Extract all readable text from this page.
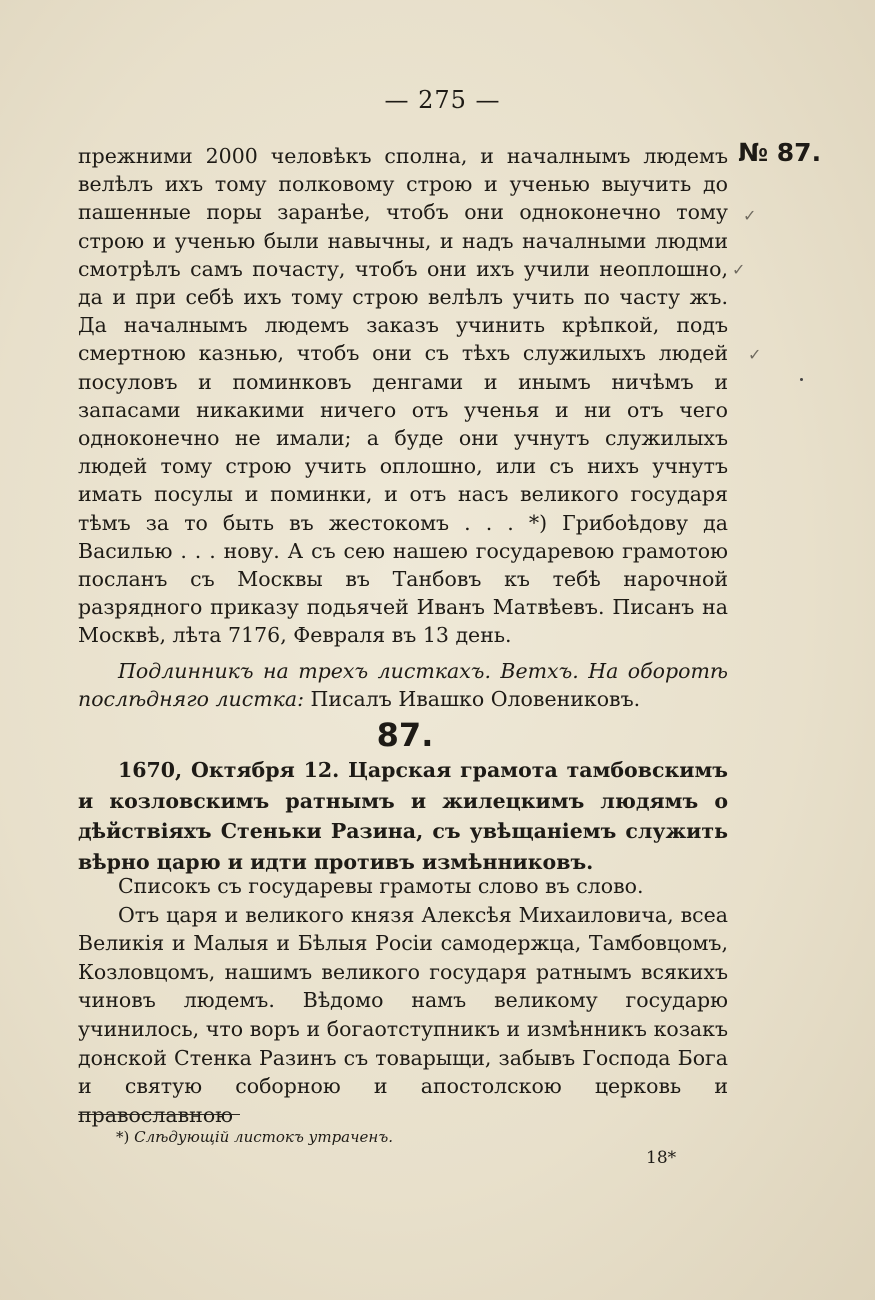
— 275 —
№ 87.
✓
✓
✓

прежними 2000 человѣкъ сполна, и началнымъ людемъ велѣлъ ихъ тому полковому строю и ученью выучить до пашенные поры заранѣе, чтобъ они одноконечно тому строю и ученью были навычны, и надъ началными людми смотрѣлъ самъ почасту, чтобъ они ихъ учили неоплошно, да и при себѣ ихъ тому строю велѣлъ учить по часту жъ. Да началнымъ людемъ заказъ учинить крѣпкой, подъ смертною казнью, чтобъ они съ тѣхъ служилыхъ людей посуловъ и поминковъ денгами и инымъ ничѣмъ и запасами никакими ничего отъ ученья и ни отъ чего одноконечно не имали; а буде они учнутъ служилыхъ людей тому строю учить оплошно, или съ нихъ учнутъ имать посулы и поминки, и отъ насъ великого государя тѣмъ за то быть въ жестокомъ . . . *) Грибоѣдову да Василью . . . нову. А съ сею нашею государевою грамотою посланъ съ Москвы въ Танбовъ къ тебѣ нарочной разрядного приказу подьячей Иванъ Матвѣевъ. Писанъ на Москвѣ, лѣта 7176, Февраля въ 13 день.

Подлинникъ на трехъ листкахъ. Ветхъ. На оборотѣ послѣдняго листка: Писалъ Ивашко Оловениковъ.
87.
1670, Октября 12. Царская грамота тамбовскимъ и козловскимъ ратнымъ и жилецкимъ людямъ о дѣйствіяхъ Стеньки Разина, съ увѣщаніемъ служить вѣрно царю и идти противъ измѣнниковъ.

Списокъ съ государевы грамоты слово въ слово.

Отъ царя и великого князя Алексѣя Михаиловича, всеа Великія и Малыя и Бѣлыя Росіи самодержца, Тамбовцомъ, Козловцомъ, нашимъ великого государя ратнымъ всякихъ чиновъ людемъ. Вѣдомо намъ великому государю учинилось, что воръ и богаотступникъ и измѣнникъ козакъ донской Стенка Разинъ съ товарыщи, забывъ Господа Бога и святую соборною и апостолскою церковь и православною

*) Слѣдующій листокъ утраченъ.
18*
